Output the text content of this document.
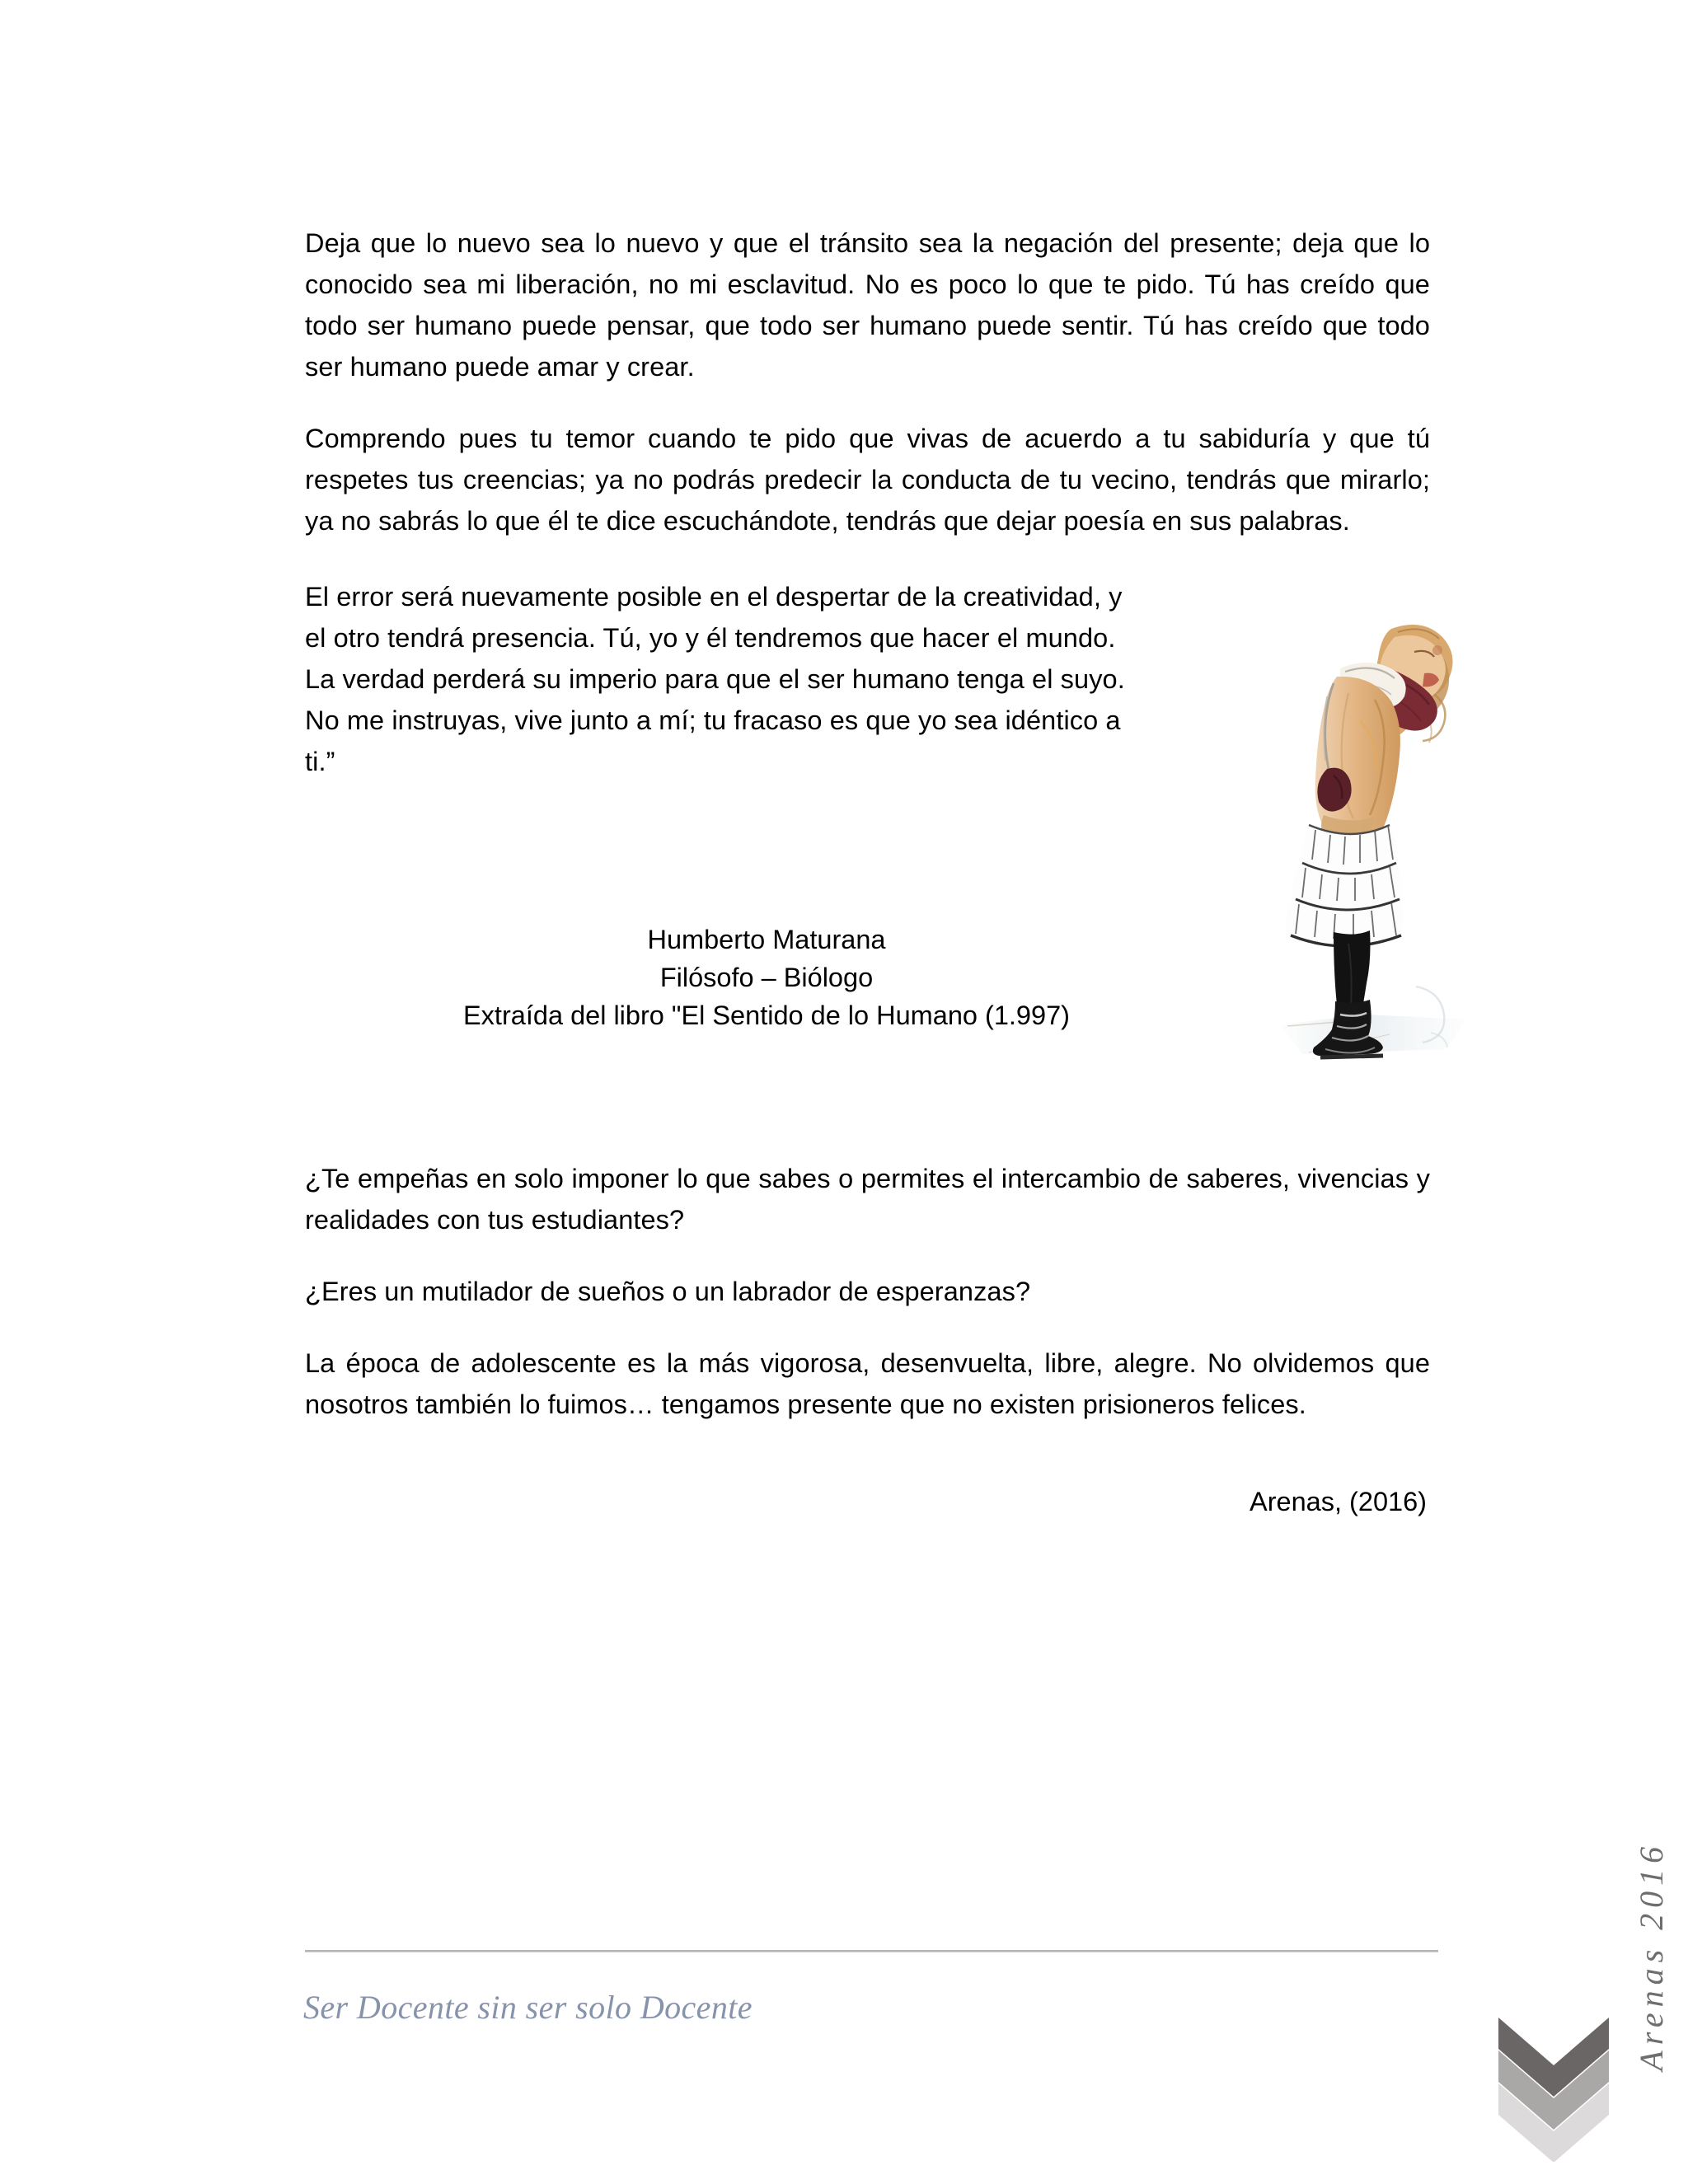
Deja que lo nuevo sea lo nuevo y que el tránsito sea la negación del presente; deja que lo conocido sea mi liberación, no mi esclavitud. No es poco lo que te pido. Tú has creído que todo ser humano puede pensar, que todo ser humano puede sentir. Tú has creído que todo ser humano puede amar y crear.

Comprendo pues tu temor cuando te pido que vivas de acuerdo a tu sabiduría y que tú respetes tus creencias; ya no podrás predecir la conducta de tu vecino, tendrás que mirarlo; ya no sabrás lo que él te dice escuchándote, tendrás que dejar poesía en sus palabras.

El error será nuevamente posible en el despertar de la creatividad, y el otro tendrá presencia. Tú, yo y él tendremos que hacer el mundo. La verdad perderá su imperio para que el ser humano tenga el suyo. No me instruyas, vive junto a mí; tu fracaso es que yo sea idéntico a ti.”

Humberto Maturana
Filósofo – Biólogo
Extraída del libro "El Sentido de lo Humano (1.997)

¿Te empeñas en solo imponer lo que sabes o permites el intercambio de saberes, vivencias y realidades con tus estudiantes?

¿Eres un mutilador de sueños o un labrador de esperanzas?

La época de adolescente es la más vigorosa, desenvuelta, libre, alegre. No olvidemos que nosotros también lo fuimos… tengamos presente que no existen prisioneros felices.

Arenas, (2016)
Arenas 2016
Ser Docente sin ser solo Docente
